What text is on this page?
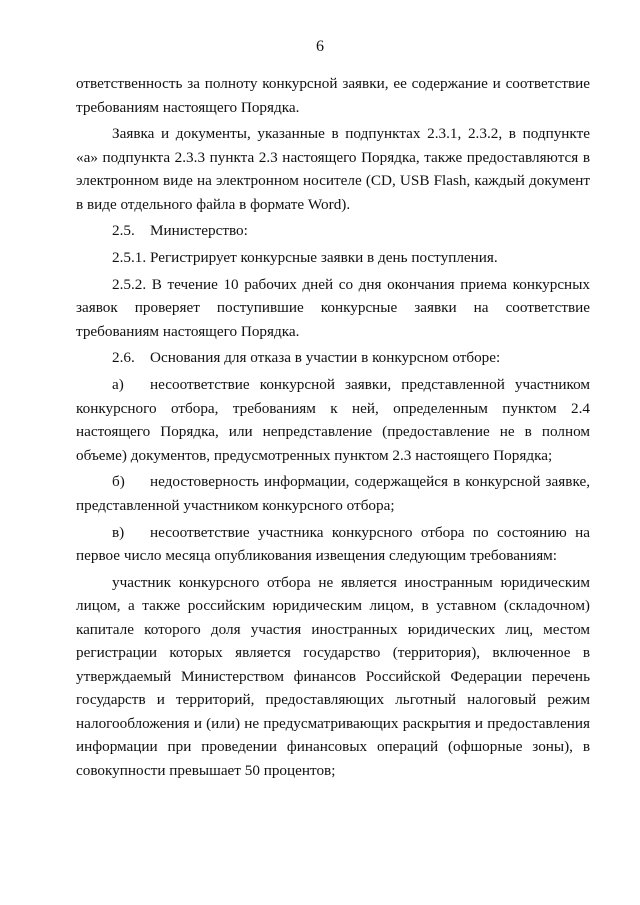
6

ответственность за полноту конкурсной заявки, ее содержание и соответствие требованиям настоящего Порядка.

Заявка и документы, указанные в подпунктах 2.3.1, 2.3.2, в подпункте «а» подпункта 2.3.3 пункта 2.3 настоящего Порядка, также предоставляются в электронном виде на электронном носителе (CD, USB Flash, каждый документ в виде отдельного файла в формате Word).

2.5.	Министерство:

2.5.1. Регистрирует конкурсные заявки в день поступления.

2.5.2. В течение 10 рабочих дней со дня окончания приема конкурсных заявок проверяет поступившие конкурсные заявки на соответствие требованиям настоящего Порядка.

2.6.	Основания для отказа в участии в конкурсном отборе:

а) несоответствие конкурсной заявки, представленной участником конкурсного отбора, требованиям к ней, определенным пунктом 2.4 настоящего Порядка, или непредставление (предоставление не в полном объеме) документов, предусмотренных пунктом 2.3 настоящего Порядка;

б) недостоверность информации, содержащейся в конкурсной заявке, представленной участником конкурсного отбора;

в) несоответствие участника конкурсного отбора по состоянию на первое число месяца опубликования извещения следующим требованиям:

участник конкурсного отбора не является иностранным юридическим лицом, а также российским юридическим лицом, в уставном (складочном) капитале которого доля участия иностранных юридических лиц, местом регистрации которых является государство (территория), включенное в утверждаемый Министерством финансов Российской Федерации перечень государств и территорий, предоставляющих льготный налоговый режим налогообложения и (или) не предусматривающих раскрытия и предоставления информации при проведении финансовых операций (офшорные зоны), в совокупности превышает 50 процентов;
